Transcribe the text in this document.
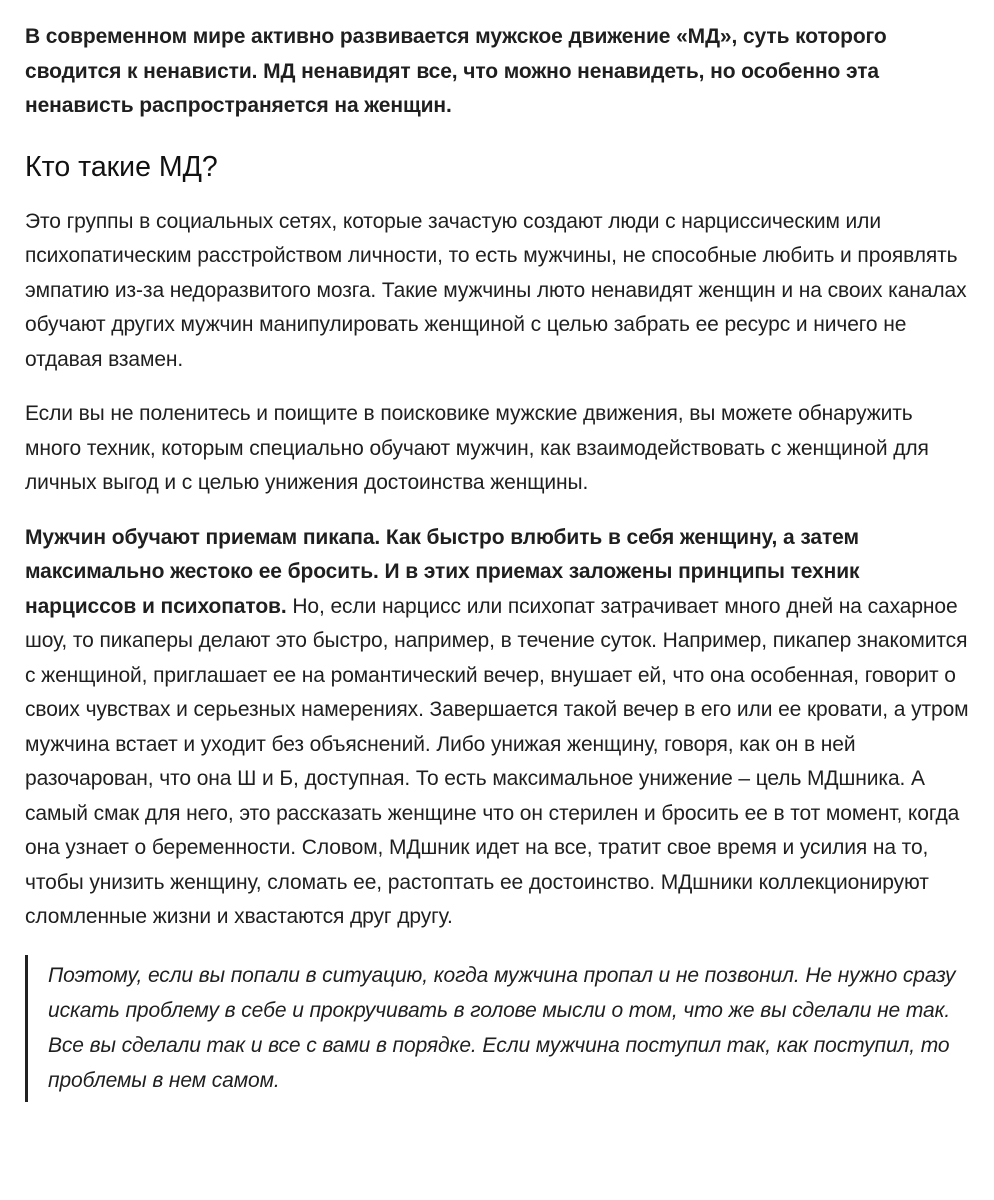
В современном мире активно развивается мужское движение «МД», суть которого сводится к ненависти. МД ненавидят все, что можно ненавидеть, но особенно эта ненависть распространяется на женщин.

Кто такие МД?

Это группы в социальных сетях, которые зачастую создают люди с нарциссическим или психопатическим расстройством личности, то есть мужчины, не способные любить и проявлять эмпатию из-за недоразвитого мозга. Такие мужчины люто ненавидят женщин и на своих каналах обучают других мужчин манипулировать женщиной с целью забрать ее ресурс и ничего не отдавая взамен.

Если вы не поленитесь и поищите в поисковике мужские движения, вы можете обнаружить много техник, которым специально обучают мужчин, как взаимодействовать с женщиной для личных выгод и с целью унижения достоинства женщины.

Мужчин обучают приемам пикапа. Как быстро влюбить в себя женщину, а затем максимально жестоко ее бросить. И в этих приемах заложены принципы техник нарциссов и психопатов. Но, если нарцисс или психопат затрачивает много дней на сахарное шоу, то пикаперы делают это быстро, например, в течение суток. Например, пикапер знакомится с женщиной, приглашает ее на романтический вечер, внушает ей, что она особенная, говорит о своих чувствах и серьезных намерениях. Завершается такой вечер в его или ее кровати, а утром мужчина встает и уходит без объяснений. Либо унижая женщину, говоря, как он в ней разочарован, что она Ш и Б, доступная. То есть максимальное унижение – цель МДшника. А самый смак для него, это рассказать женщине что он стерилен и бросить ее в тот момент, когда она узнает о беременности. Словом, МДшник идет на все, тратит свое время и усилия на то, чтобы унизить женщину, сломать ее, растоптать ее достоинство. МДшники коллекционируют сломленные жизни и хвастаются друг другу.

Поэтому, если вы попали в ситуацию, когда мужчина пропал и не позвонил. Не нужно сразу искать проблему в себе и прокручивать в голове мысли о том, что же вы сделали не так. Все вы сделали так и все с вами в порядке. Если мужчина поступил так, как поступил, то проблемы в нем самом.
